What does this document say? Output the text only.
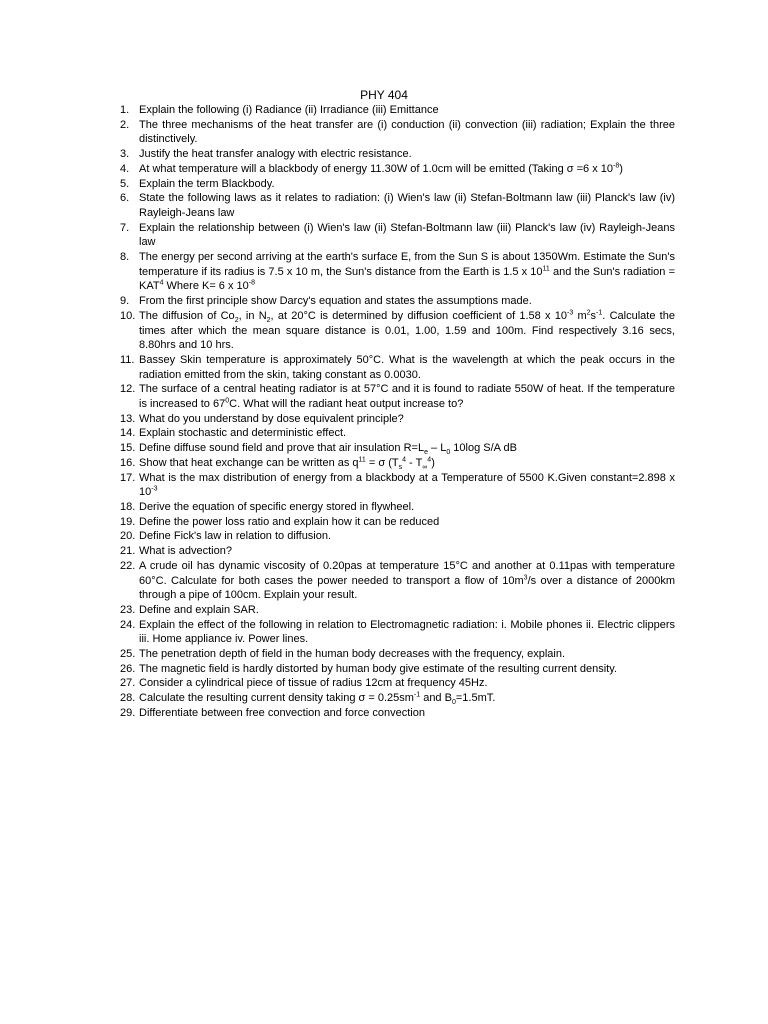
PHY 404
1. Explain the following (i) Radiance (ii) Irradiance (iii) Emittance
2. The three mechanisms of the heat transfer are (i) conduction (ii) convection (iii) radiation; Explain the three distinctively.
3. Justify the heat transfer analogy with electric resistance.
4. At what temperature will a blackbody of energy 11.30W of 1.0cm will be emitted (Taking σ =6 x $10^{-8}$)
5. Explain the term Blackbody.
6. State the following laws as it relates to radiation: (i) Wien's law (ii) Stefan-Boltmann law (iii) Planck's law (iv) Rayleigh-Jeans law
7. Explain the relationship between (i) Wien's law (ii) Stefan-Boltmann law (iii) Planck's law (iv) Rayleigh-Jeans law
8. The energy per second arriving at the earth's surface E, from the Sun S is about 1350Wm. Estimate the Sun's temperature if its radius is 7.5 x 10 m, the Sun's distance from the Earth is 1.5 x $10^{11}$ and the Sun's radiation = $KAT^4$ Where K= 6 x $10^{-8}$
9. From the first principle show Darcy's equation and states the assumptions made.
10. The diffusion of $Co_2$, in $N_2$, at 20°C is determined by diffusion coefficient of 1.58 x $10^{-3}$ $m^2s^{-1}$. Calculate the times after which the mean square distance is 0.01, 1.00, 1.59 and 100m. Find respectively 3.16 secs, 8.80hrs and 10 hrs.
11. Bassey Skin temperature is approximately 50°C. What is the wavelength at which the peak occurs in the radiation emitted from the skin, taking constant as 0.0030.
12. The surface of a central heating radiator is at 57°C and it is found to radiate 550W of heat. If the temperature is increased to $67^0C$. What will the radiant heat output increase to?
13. What do you understand by dose equivalent principle?
14. Explain stochastic and deterministic effect.
15. Define diffuse sound field and prove that air insulation $R=L_e - L_0$ 10log S/A dB
16. Show that heat exchange can be written as $q^{11} = \sigma$ $(T_s^4 - T_\infty^4)$
17. What is the max distribution of energy from a blackbody at a Temperature of 5500 K.Given constant=2.898 x $10^{-3}$
18. Derive the equation of specific energy stored in flywheel.
19. Define the power loss ratio and explain how it can be reduced
20. Define Fick's law in relation to diffusion.
21. What is advection?
22. A crude oil has dynamic viscosity of 0.20pas at temperature 15°C and another at 0.11pas with temperature 60°C. Calculate for both cases the power needed to transport a flow of $10m^3/s$ over a distance of 2000km through a pipe of 100cm. Explain your result.
23. Define and explain SAR.
24. Explain the effect of the following in relation to Electromagnetic radiation: i. Mobile phones ii. Electric clippers iii. Home appliance iv. Power lines.
25. The penetration depth of field in the human body decreases with the frequency, explain.
26. The magnetic field is hardly distorted by human body give estimate of the resulting current density.
27. Consider a cylindrical piece of tissue of radius 12cm at frequency 45Hz.
28. Calculate the resulting current density taking $\sigma = 0.25sm^{-1}$ and $B_0=1.5mT$.
29. Differentiate between free convection and force convection
